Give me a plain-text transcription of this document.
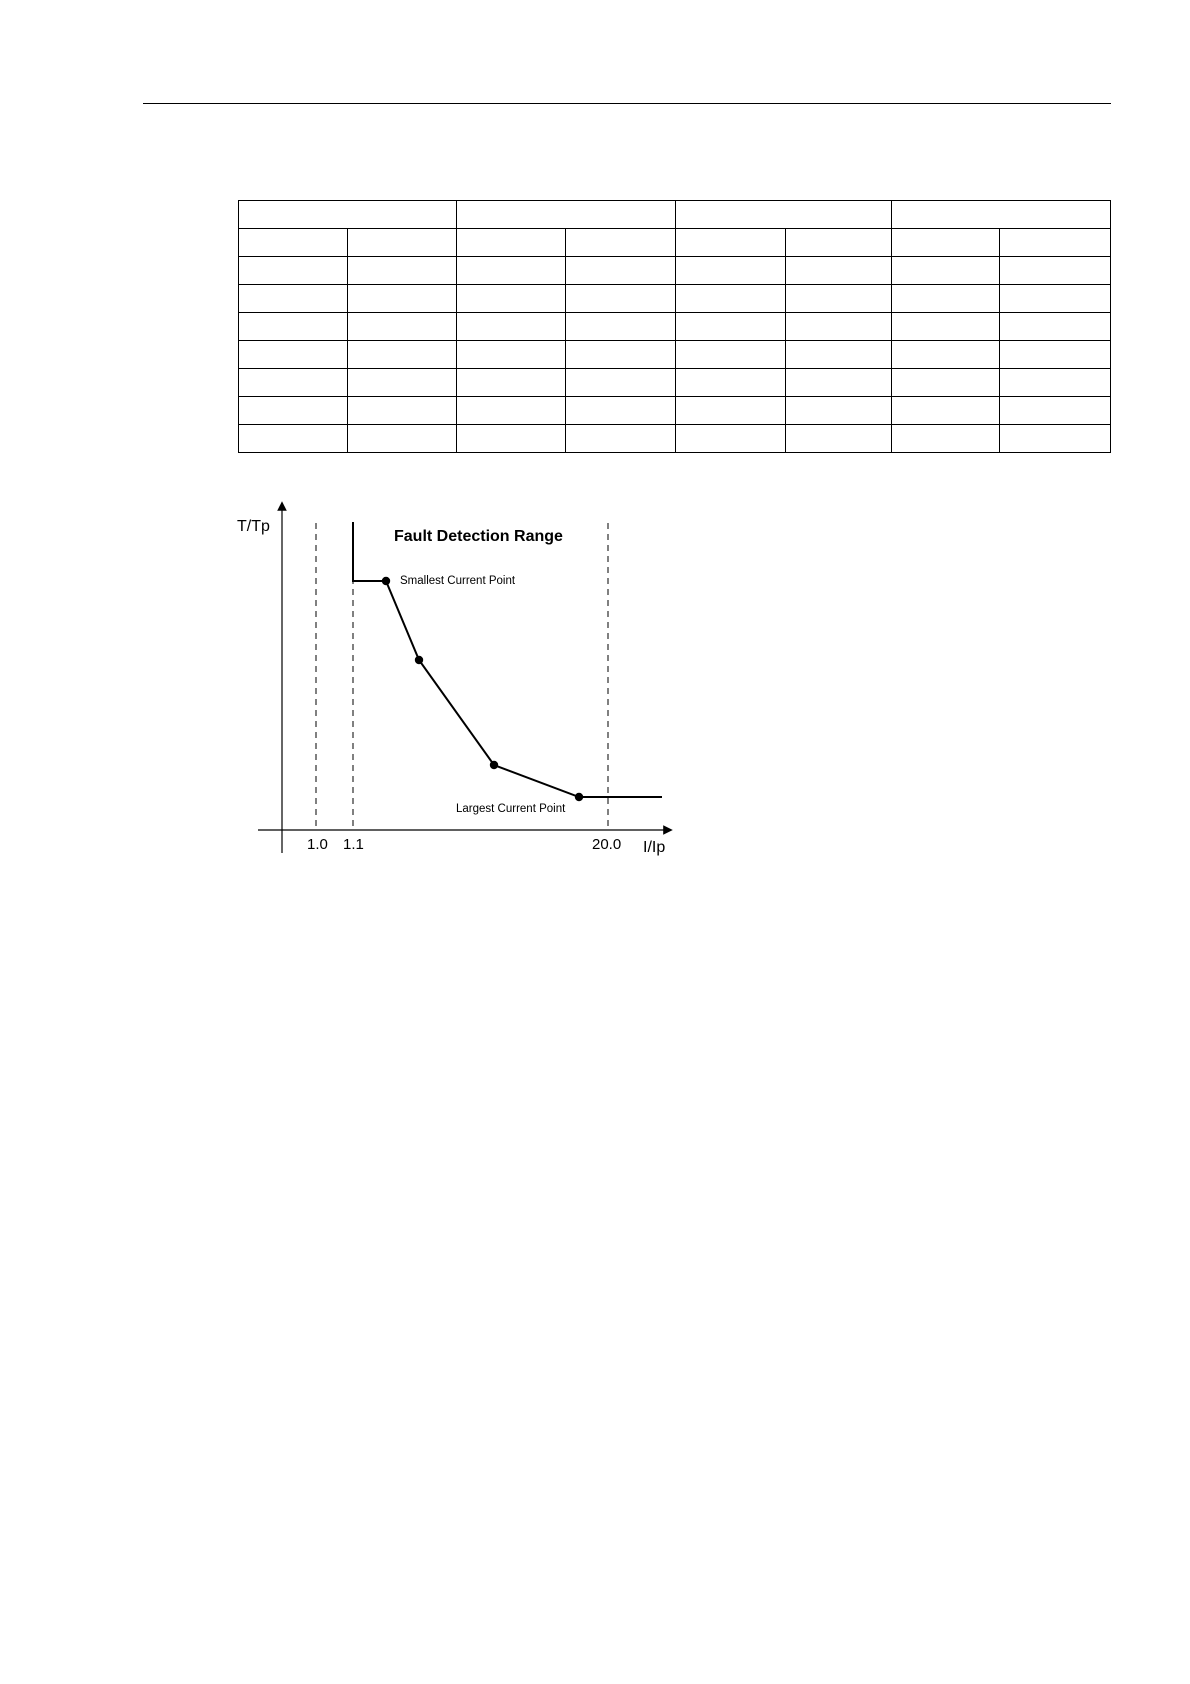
T/Tp
I/Ip
Fault Detection Range
Smallest Current Point
Largest Current Point
1.0 1.1	20.0
